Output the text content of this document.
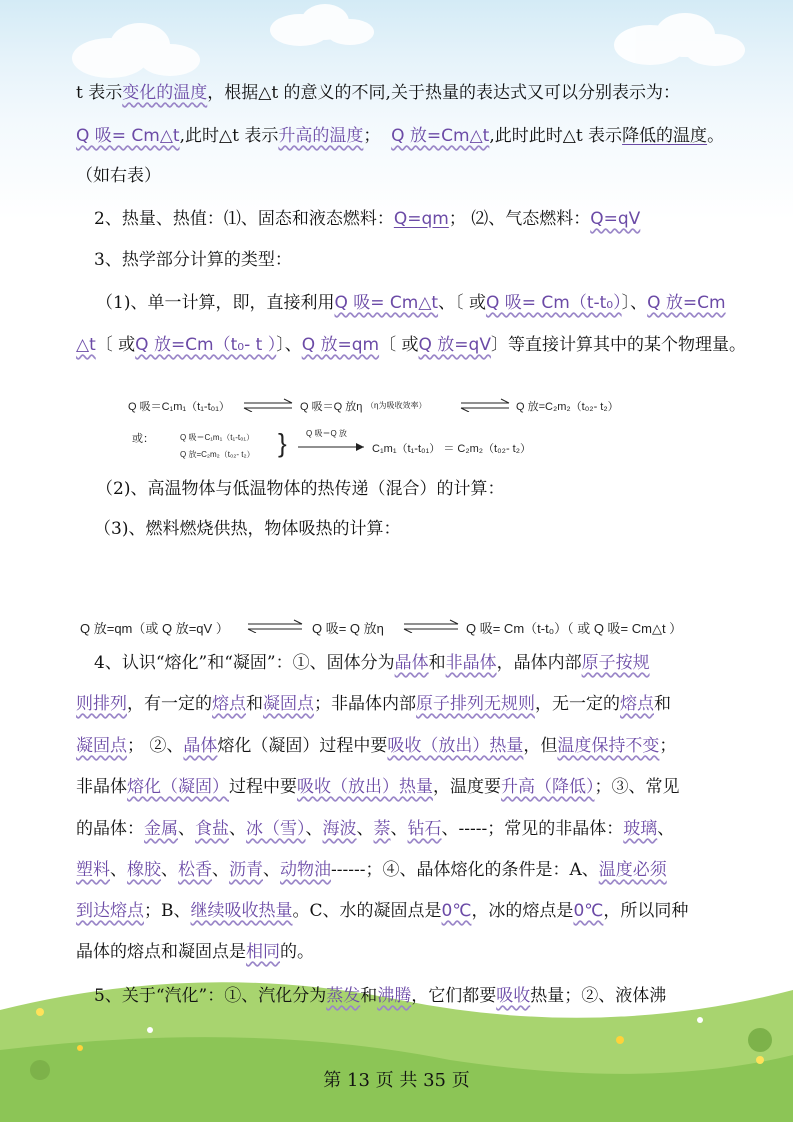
t 表示变化的温度，根据△t 的意义的不同,关于热量的表达式又可以分别表示为：
Q 吸= Cm△t,此时△t 表示升高的温度； Q 放=Cm△t,此时此时△t 表示降低的温度。
（如右表）
2、热量、热值：⑴、固态和液态燃料：Q=qm； ⑵、气态燃料：Q=qV
3、热学部分计算的类型：
（1)、单一计算，即，直接利用Q 吸= Cm△t、〔 或Q 吸= Cm（t-t₀）〕、Q 放=Cm
△t〔 或Q 放=Cm（t₀- t ）〕、Q 放=qm〔 或Q 放=qV〕等直接计算其中的某个物理量。
Q 吸＝C₁m₁（t₁-t₀₁） ⇌ Q 吸＝Q 放η （η为吸收效率） ⇌ Q 放=C₂m₂（t₀₂- t₂）
或：	Q 吸＝C₁m₁（t₁-t₀₁）
Q 放=C₂m₂（t₀₂- t₂） } Q 吸＝Q 放
C₁m₁（t₁-t₀₁） ＝ C₂m₂（t₀₂- t₂）
（2)、高温物体与低温物体的热传递（混合）的计算：
（3)、燃料燃烧供热，物体吸热的计算：
Q 放=qm（或 Q 放=qV ） ⇌ Q 吸= Q 放η ⇌ Q 吸= Cm（t-t₀）（ 或 Q 吸= Cm△t ）
4、认识“熔化”和“凝固”：①、固体分为晶体和非晶体，晶体内部原子按规
则排列，有一定的熔点和凝固点；非晶体内部原子排列无规则，无一定的熔点和
凝固点； ②、晶体熔化（凝固）过程中要吸收（放出）热量，但温度保持不变；
非晶体熔化（凝固）过程中要吸收（放出）热量，温度要升高（降低）；③、常见
的晶体：金属、食盐、冰（雪）、海波、萘、钻石、-----；常见的非晶体：玻璃、
塑料、橡胶、松香、沥青、动物油------；④、晶体熔化的条件是：A、温度必须
到达熔点；B、继续吸收热量。C、水的凝固点是0℃，冰的熔点是0℃，所以同种
晶体的熔点和凝固点是相同的。
5、关于“汽化”：①、汽化分为蒸发和沸腾，它们都要吸收热量；②、液体沸
第 13 页 共 35 页
